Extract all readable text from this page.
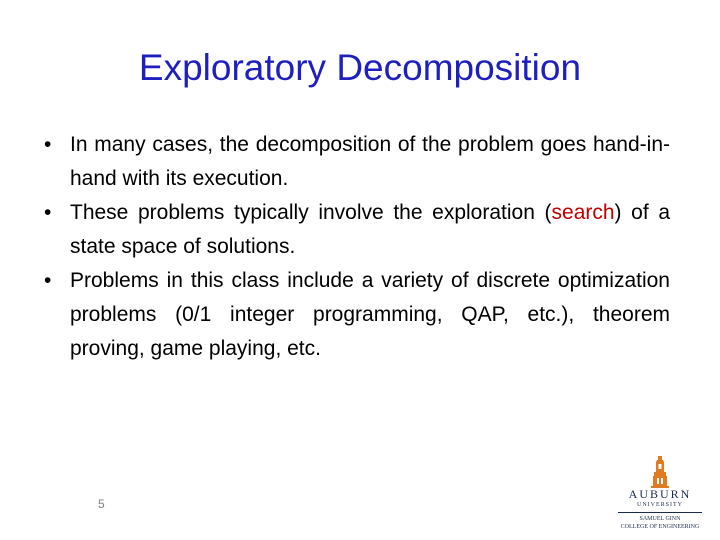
Exploratory Decomposition
• In many cases, the decomposition of the problem goes hand-in-hand with its execution.
• These problems typically involve the exploration (search) of a state space of solutions.
• Problems in this class include a variety of discrete optimization problems (0/1 integer programming, QAP, etc.), theorem proving, game playing, etc.
5
AUBURN
UNIVERSITY
SAMUEL GINN
COLLEGE OF ENGINEERING
